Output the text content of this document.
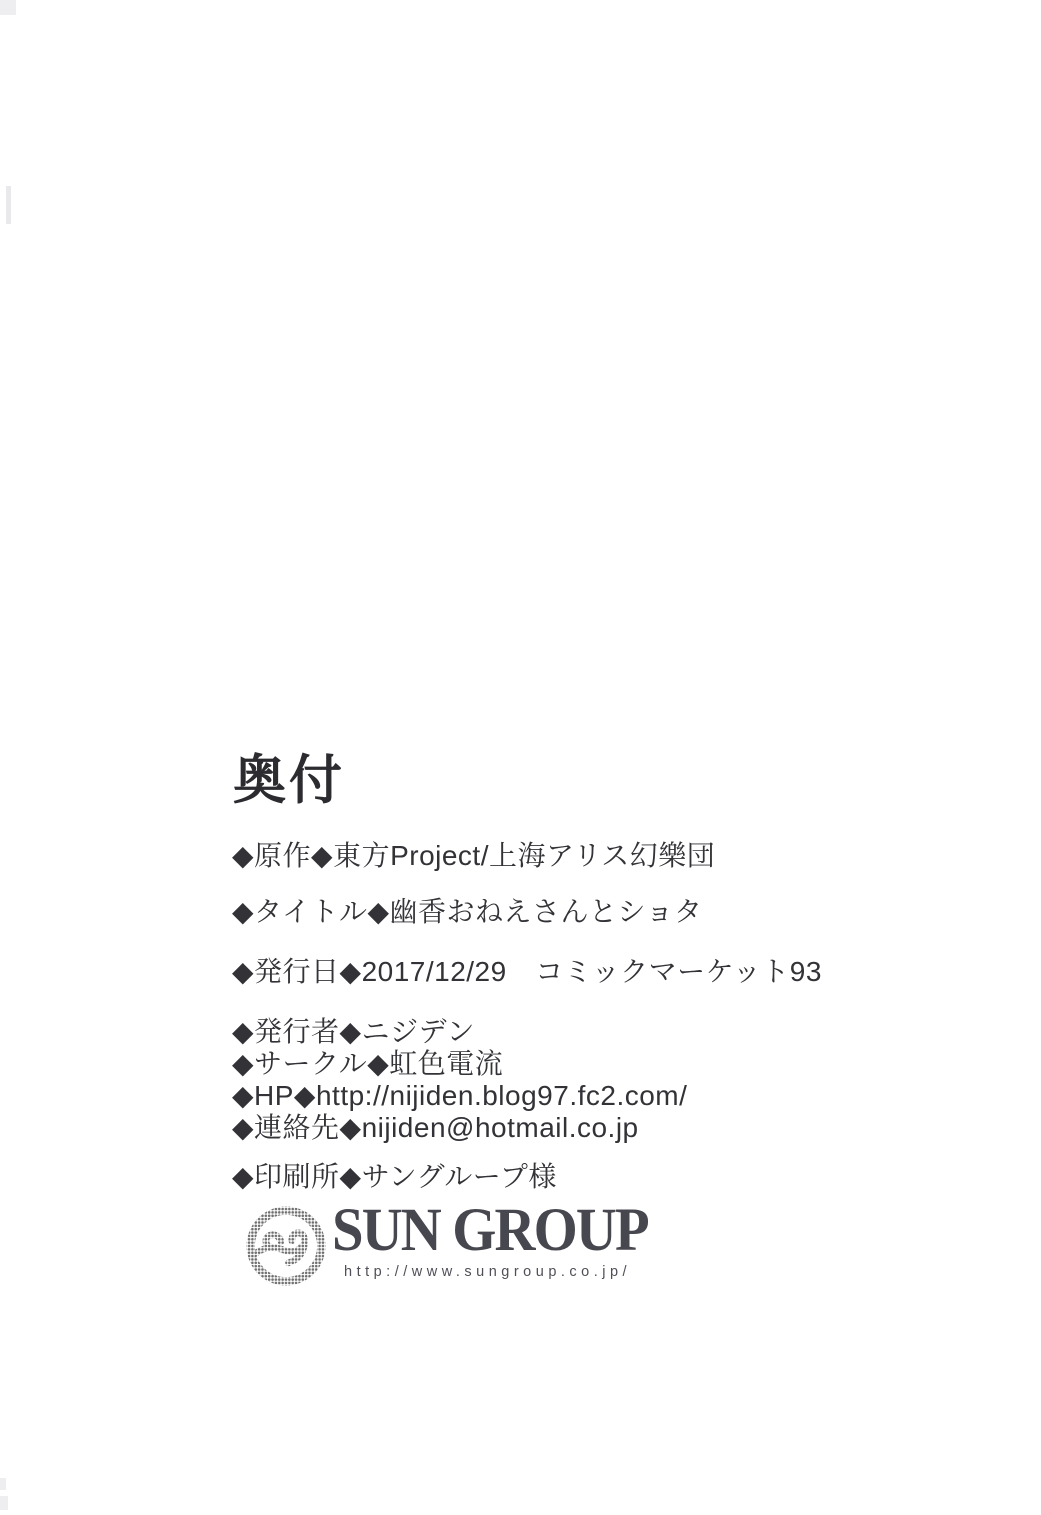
奥付
◆原作◆東方Project/上海アリス幻樂団
◆タイトル◆幽香おねえさんとショタ
◆発行日◆2017/12/29　コミックマーケット93
◆発行者◆ニジデン
◆サークル◆虹色電流
◆HP◆http://nijiden.blog97.fc2.com/
◆連絡先◆nijiden@hotmail.co.jp
◆印刷所◆サングループ様
SUN GROUP
http://www.sungroup.co.jp/
